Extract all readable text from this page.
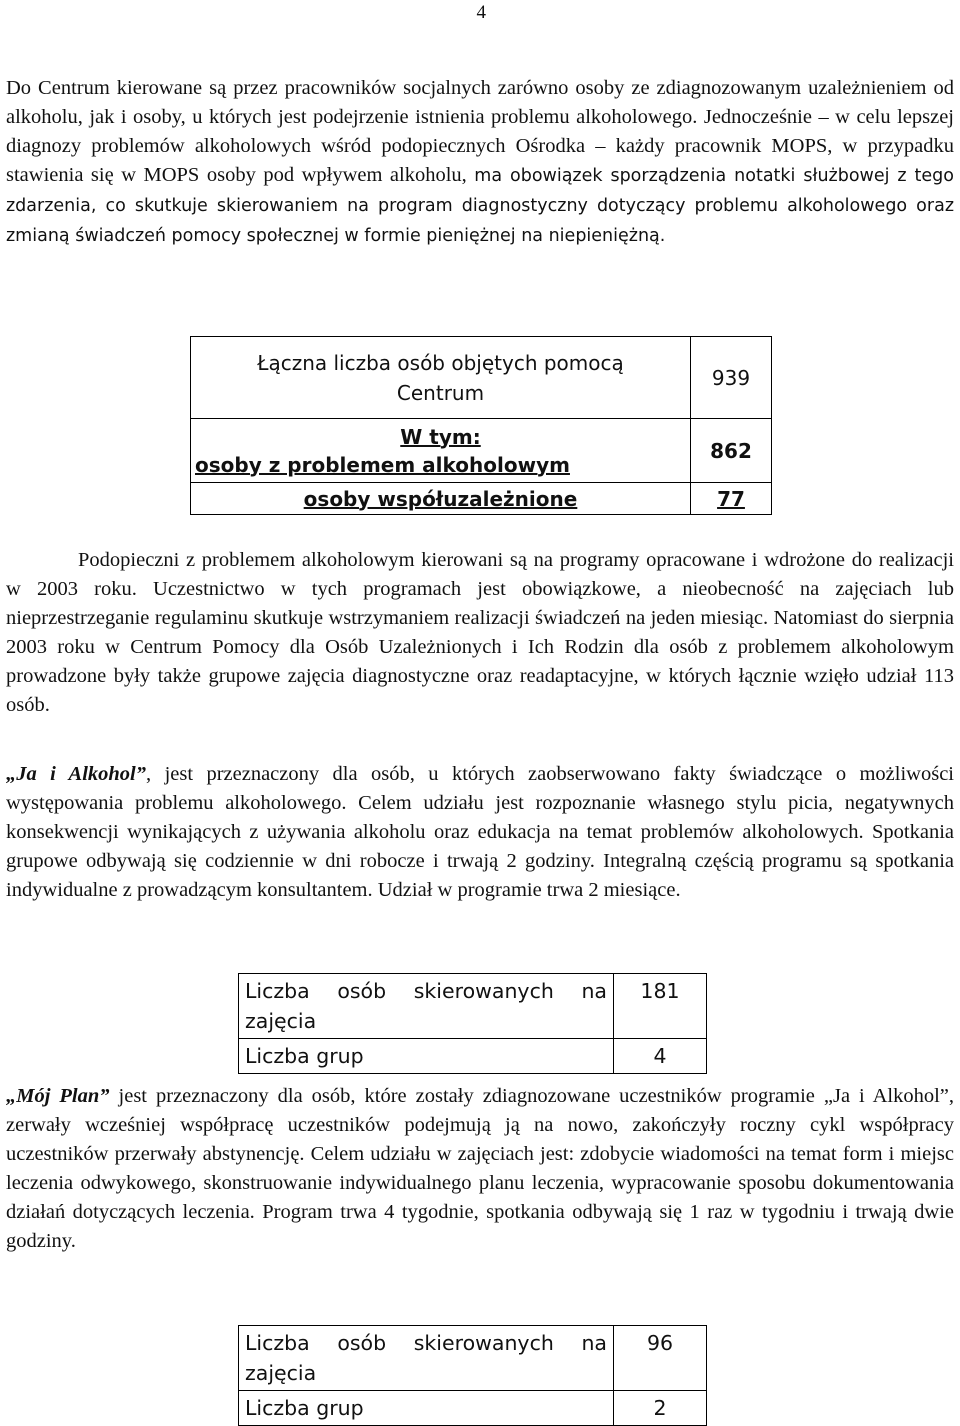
4

Do Centrum kierowane są przez pracowników socjalnych zarówno osoby ze zdiagnozowanym uzależnieniem od alkoholu, jak i osoby, u których jest podejrzenie istnienia problemu alkoholowego. Jednocześnie – w celu lepszej diagnozy problemów alkoholowych wśród podopiecznych Ośrodka – każdy pracownik MOPS, w przypadku stawienia się w MOPS osoby pod wpływem alkoholu, ma obowiązek sporządzenia notatki służbowej z tego zdarzenia, co skutkuje skierowaniem na program diagnostyczny dotyczący problemu alkoholowego oraz zmianą świadczeń pomocy społecznej w formie pieniężnej na niepieniężną.

Łączna liczba osób objętych pomocą Centrum	939

W tym:
osoby z problemem alkoholowym	862
osoby współuzależnione	77

Podopieczni z problemem alkoholowym kierowani są na programy opracowane i wdrożone do realizacji w 2003 roku. Uczestnictwo w tych programach jest obowiązkowe, a nieobecność na zajęciach lub nieprzestrzeganie regulaminu skutkuje wstrzymaniem realizacji świadczeń na jeden miesiąc. Natomiast do sierpnia 2003 roku w Centrum Pomocy dla Osób Uzależnionych i Ich Rodzin dla osób z problemem alkoholowym prowadzone były także grupowe zajęcia diagnostyczne oraz readaptacyjne, w których łącznie wzięło udział 113 osób.

„Ja i Alkohol”, jest przeznaczony dla osób, u których zaobserwowano fakty świadczące o możliwości występowania problemu alkoholowego. Celem udziału jest rozpoznanie własnego stylu picia, negatywnych konsekwencji wynikających z używania alkoholu oraz edukacja na temat problemów alkoholowych. Spotkania grupowe odbywają się codziennie w dni robocze i trwają 2 godziny. Integralną częścią programu są spotkania indywidualne z prowadzącym konsultantem. Udział w programie trwa 2 miesiące.

Liczba osób skierowanych na zajęcia	181
Liczba grup	4

„Mój Plan” jest przeznaczony dla osób, które zostały zdiagnozowane uczestników programie „Ja i Alkohol”, zerwały wcześniej współpracę uczestników podejmują ją na nowo, zakończyły roczny cykl współpracy uczestników przerwały abstynencję. Celem udziału w zajęciach jest: zdobycie wiadomości na temat form i miejsc leczenia odwykowego, skonstruowanie indywidualnego planu leczenia, wypracowanie sposobu dokumentowania działań dotyczących leczenia. Program trwa 4 tygodnie, spotkania odbywają się 1 raz w tygodniu i trwają dwie godziny.

Liczba osób skierowanych na zajęcia	96
Liczba grup	2
